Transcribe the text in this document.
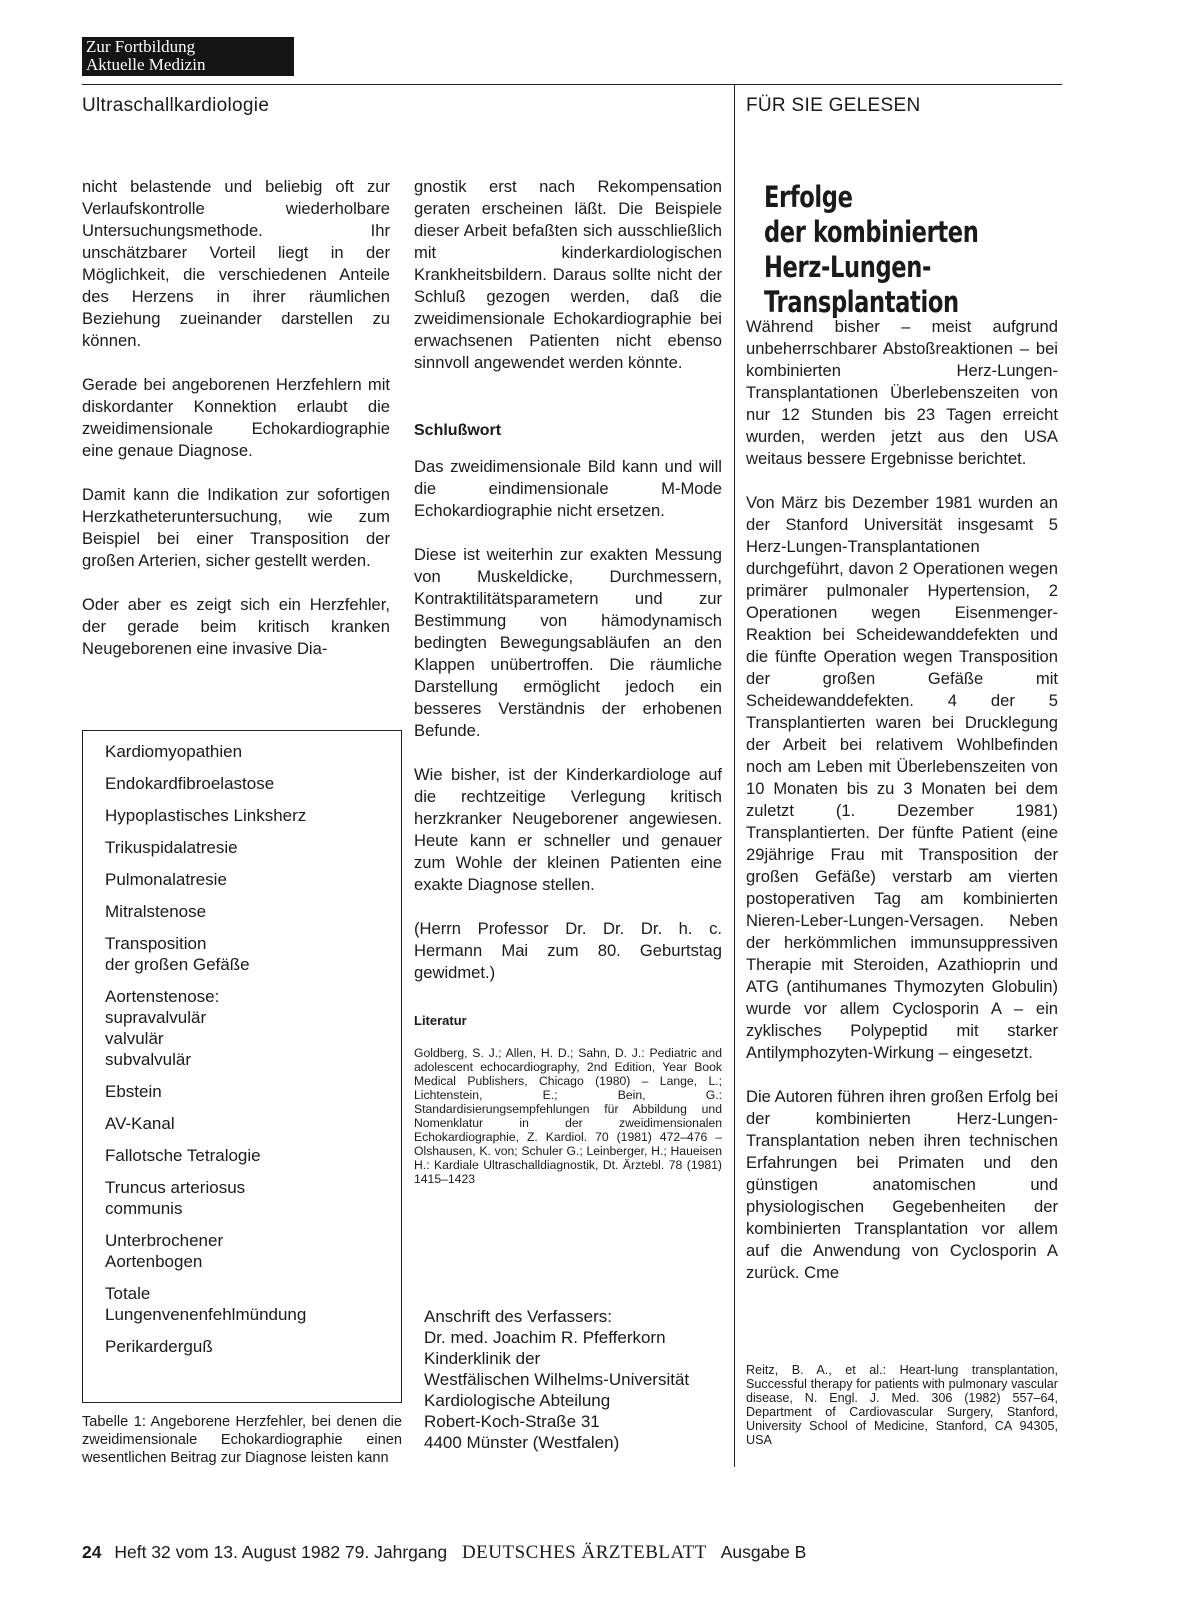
Zur Fortbildung
Aktuelle Medizin
Ultraschallkardiologie	FÜR SIE GELESEN

nicht belastende und beliebig oft zur Verlaufskontrolle wiederholbare Untersuchungsmethode. Ihr unschätzbarer Vorteil liegt in der Möglichkeit, die verschiedenen Anteile des Herzens in ihrer räumlichen Beziehung zueinander darstellen zu können.

Gerade bei angeborenen Herzfehlern mit diskordanter Konnektion erlaubt die zweidimensionale Echokardiographie eine genaue Diagnose.

Damit kann die Indikation zur sofortigen Herzkatheteruntersuchung, wie zum Beispiel bei einer Transposition der großen Arterien, sicher gestellt werden.

Oder aber es zeigt sich ein Herzfehler, der gerade beim kritisch kranken Neugeborenen eine invasive Dia-

Kardiomyopathien
Endokardfibroelastose
Hypoplastisches Linksherz
Trikuspidalatresie
Pulmonalatresie
Mitralstenose
Transposition
der großen Gefäße
Aortenstenose:
supravalvulär
valvulär
subvalvulär
Ebstein
AV-Kanal
Fallotsche Tetralogie
Truncus arteriosus
communis
Unterbrochener
Aortenbogen
Totale
Lungenvenenfehlmündung
Perikarderguß
Tabelle 1: Angeborene Herzfehler, bei denen die zweidimensionale Echokardiographie einen wesentlichen Beitrag zur Diagnose leisten kann

gnostik erst nach Rekompensation geraten erscheinen läßt. Die Beispiele dieser Arbeit befaßten sich ausschließlich mit kinderkardiologischen Krankheitsbildern. Daraus sollte nicht der Schluß gezogen werden, daß die zweidimensionale Echokardiographie bei erwachsenen Patienten nicht ebenso sinnvoll angewendet werden könnte.

Schlußwort

Das zweidimensionale Bild kann und will die eindimensionale M-Mode Echokardiographie nicht ersetzen.

Diese ist weiterhin zur exakten Messung von Muskeldicke, Durchmessern, Kontraktilitätsparametern und zur Bestimmung von hämodynamisch bedingten Bewegungsabläufen an den Klappen unübertroffen. Die räumliche Darstellung ermöglicht jedoch ein besseres Verständnis der erhobenen Befunde.

Wie bisher, ist der Kinderkardiologe auf die rechtzeitige Verlegung kritisch herzkranker Neugeborener angewiesen. Heute kann er schneller und genauer zum Wohle der kleinen Patienten eine exakte Diagnose stellen.

(Herrn Professor Dr. Dr. Dr. h. c. Hermann Mai zum 80. Geburtstag gewidmet.)

Literatur

Goldberg, S. J.; Allen, H. D.; Sahn, D. J.: Pediatric and adolescent echocardiography, 2nd Edition, Year Book Medical Publishers, Chicago (1980) – Lange, L.; Lichtenstein, E.; Bein, G.: Standardisierungsempfehlungen für Abbildung und Nomenklatur in der zweidimensionalen Echokardiographie, Z. Kardiol. 70 (1981) 472–476 – Olshausen, K. von; Schuler G.; Leinberger, H.; Haueisen H.: Kardiale Ultraschalldiagnostik, Dt. Ärztebl. 78 (1981) 1415–1423

Anschrift des Verfassers:
Dr. med. Joachim R. Pfefferkorn
Kinderklinik der
Westfälischen Wilhelms-Universität
Kardiologische Abteilung
Robert-Koch-Straße 31
4400 Münster (Westfalen)
Erfolge
der kombinierten
Herz-Lungen-
Transplantation

Während bisher – meist aufgrund unbeherrschbarer Abstoßreaktionen – bei kombinierten Herz-Lungen-Transplantationen Überlebenszeiten von nur 12 Stunden bis 23 Tagen erreicht wurden, werden jetzt aus den USA weitaus bessere Ergebnisse berichtet.

Von März bis Dezember 1981 wurden an der Stanford Universität insgesamt 5 Herz-Lungen-Transplantationen durchgeführt, davon 2 Operationen wegen primärer pulmonaler Hypertension, 2 Operationen wegen Eisenmenger-Reaktion bei Scheidewanddefekten und die fünfte Operation wegen Transposition der großen Gefäße mit Scheidewanddefekten. 4 der 5 Transplantierten waren bei Drucklegung der Arbeit bei relativem Wohlbefinden noch am Leben mit Überlebenszeiten von 10 Monaten bis zu 3 Monaten bei dem zuletzt (1. Dezember 1981) Transplantierten. Der fünfte Patient (eine 29jährige Frau mit Transposition der großen Gefäße) verstarb am vierten postoperativen Tag am kombinierten Nieren-Leber-Lungen-Versagen. Neben der herkömmlichen immunsuppressiven Therapie mit Steroiden, Azathioprin und ATG (antihumanes Thymozyten Globulin) wurde vor allem Cyclosporin A – ein zyklisches Polypeptid mit starker Antilymphozyten-Wirkung – eingesetzt.

Die Autoren führen ihren großen Erfolg bei der kombinierten Herz-Lungen-Transplantation neben ihren technischen Erfahrungen bei Primaten und den günstigen anatomischen und physiologischen Gegebenheiten der kombinierten Transplantation vor allem auf die Anwendung von Cyclosporin A zurück. Cme

Reitz, B. A., et al.: Heart-lung transplantation, Successful therapy for patients with pulmonary vascular disease, N. Engl. J. Med. 306 (1982) 557–64, Department of Cardiovascular Surgery, Stanford, University School of Medicine, Stanford, CA 94305, USA
24 Heft 32 vom 13. August 1982 79. Jahrgang DEUTSCHES ÄRZTEBLATT Ausgabe B
